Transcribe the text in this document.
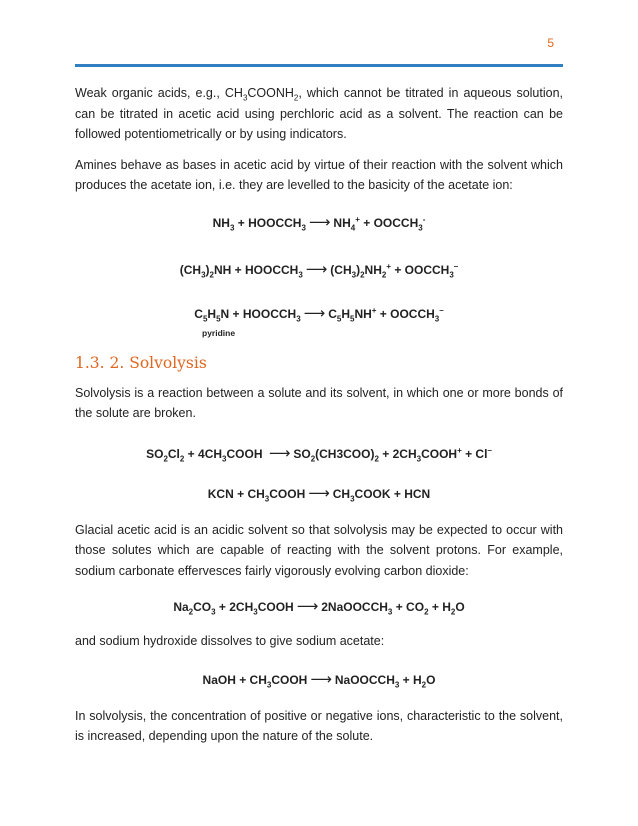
5

Weak organic acids, e.g., $CH_3COONH_2$, which cannot be titrated in aqueous solution, can be titrated in acetic acid using perchloric acid as a solvent. The reaction can be followed potentiometrically or by using indicators.

Amines behave as bases in acetic acid by virtue of their reaction with the solvent which produces the acetate ion, i.e. they are levelled to the basicity of the acetate ion:

$NH_3$ + $HOOCCH_3$ ⟶ $NH_4^+$ + $OOCCH_3^-$
$(CH_3)_2NH$ + $HOOCCH_3$ ⟶ $(CH_3)_2NH_2^+$ + $OOCCH_3^-$
$C_5H_5N$ + $HOOCCH_3$ ⟶ $C_5H_5NH^+$ + $OOCCH_3^-$
pyridine
1.3. 2. Solvolysis

Solvolysis is a reaction between a solute and its solvent, in which one or more bonds of the solute are broken.

$SO_2Cl_2$ + $4CH_3COOH$ ⟶ $SO_2(CH3COO)_2$ + $2CH_3COOH^+ + Cl^-$
KCN + $CH_3COOH$ ⟶ $CH_3COOK$ + HCN

Glacial acetic acid is an acidic solvent so that solvolysis may be expected to occur with those solutes which are capable of reacting with the solvent protons. For example, sodium carbonate effervesces fairly vigorously evolving carbon dioxide:

$Na_2CO_3$ + $2CH_3COOH$ ⟶ 2NaOOCCH$_3$ + $CO_2 + H_2O$

and sodium hydroxide dissolves to give sodium acetate:

NaOH + $CH_3COOH$ ⟶ NaOOCCH$_3$ + $H_2O$

In solvolysis, the concentration of positive or negative ions, characteristic to the solvent, is increased, depending upon the nature of the solute.
